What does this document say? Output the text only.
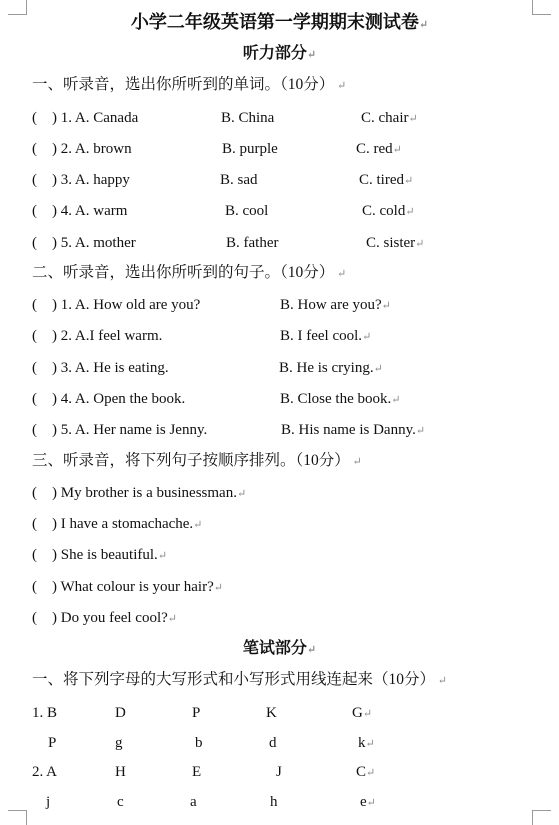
小学二年级英语第一学期期末测试卷↵
听力部分↵
一、听录音，选出你所听到的单词。（10分） ↵
(    ) 1. A. Canada	B. China	C. chair↵
(    ) 2. A. brown	B. purple	C. red↵
(    ) 3. A. happy	B. sad	C. tired↵
(    ) 4. A. warm	B. cool	C. cold↵
(    ) 5. A. mother	B. father	C. sister↵
二、听录音，选出你所听到的句子。（10分） ↵
(    ) 1. A. How old are you?	B. How are you?↵
(    ) 2. A.I feel warm.	B. I feel cool.↵
(    ) 3. A. He is eating.	B. He is crying.↵
(    ) 4. A. Open the book.	B. Close the book.↵
(    ) 5. A. Her name is Jenny.	B. His name is Danny.↵
三、听录音，将下列句子按顺序排列。（10分） ↵
(    ) My brother is a businessman.↵
(    ) I have a stomachache.↵
(    ) She is beautiful.↵
(    ) What colour is your hair?↵
(    ) Do you feel cool?↵
笔试部分↵
一、将下列字母的大写形式和小写形式用线连起来（10分） ↵
1. B	D	P	K	G↵
P	g	b	d	k↵
2. A	H	E	J	C↵
j	c	a	h	e↵
